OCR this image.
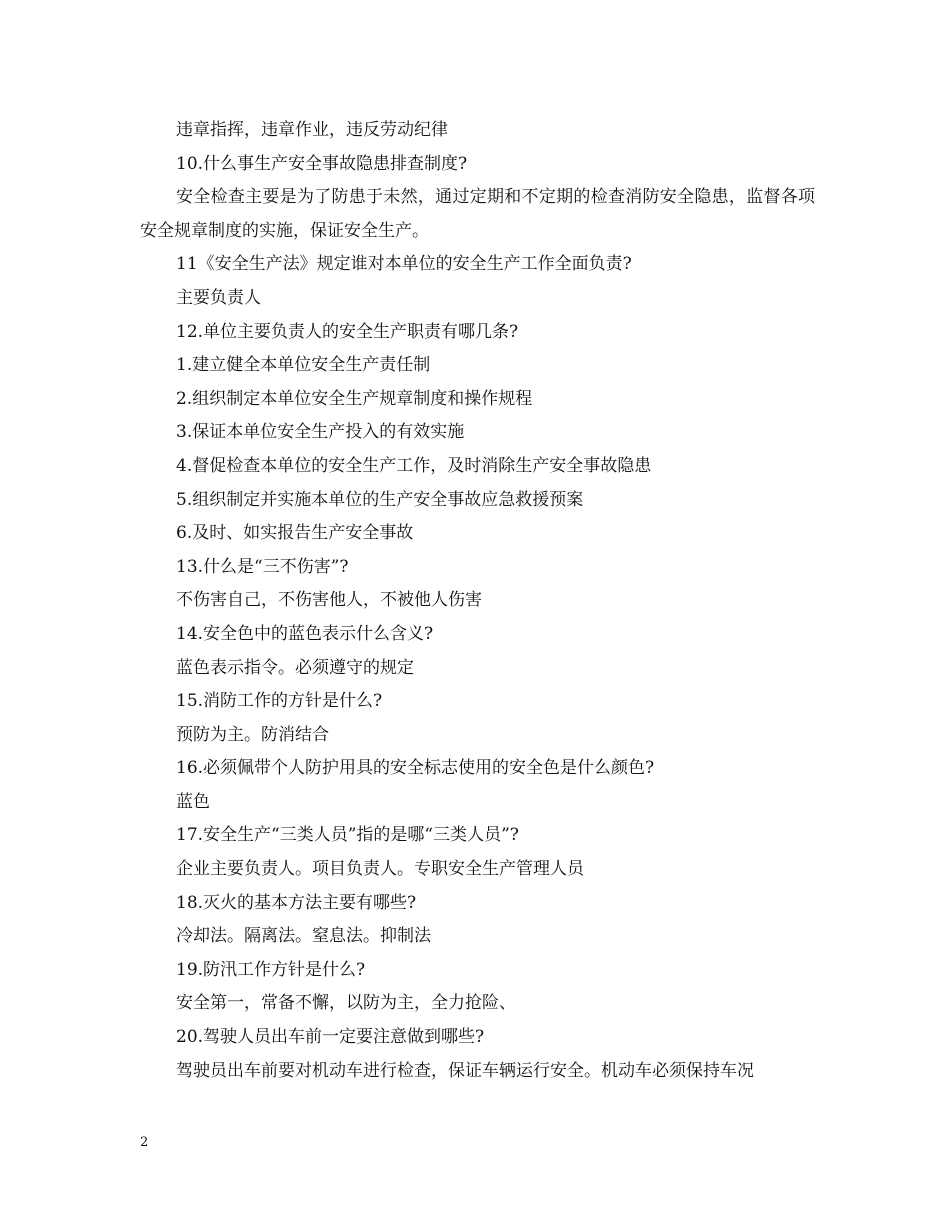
违章指挥，违章作业，违反劳动纪律
10.什么事生产安全事故隐患排查制度?

安全检查主要是为了防患于未然，通过定期和不定期的检查消防安全隐患，监督各项安全规章制度的实施，保证安全生产。

11《安全生产法》规定谁对本单位的安全生产工作全面负责?
主要负责人
12.单位主要负责人的安全生产职责有哪几条?
1.建立健全本单位安全生产责任制
2.组织制定本单位安全生产规章制度和操作规程
3.保证本单位安全生产投入的有效实施
4.督促检查本单位的安全生产工作，及时消除生产安全事故隐患
5.组织制定并实施本单位的生产安全事故应急救援预案
6.及时、如实报告生产安全事故
13.什么是“三不伤害”?
不伤害自己，不伤害他人，不被他人伤害
14.安全色中的蓝色表示什么含义?
蓝色表示指令。必须遵守的规定
15.消防工作的方针是什么?
预防为主。防消结合
16.必须佩带个人防护用具的安全标志使用的安全色是什么颜色?
蓝色
17.安全生产“三类人员”指的是哪“三类人员”?
企业主要负责人。项目负责人。专职安全生产管理人员
18.灭火的基本方法主要有哪些?
冷却法。隔离法。窒息法。抑制法
19.防汛工作方针是什么?
安全第一，常备不懈，以防为主，全力抢险、
20.驾驶人员出车前一定要注意做到哪些?
驾驶员出车前要对机动车进行检查，保证车辆运行安全。机动车必须保持车况
2
